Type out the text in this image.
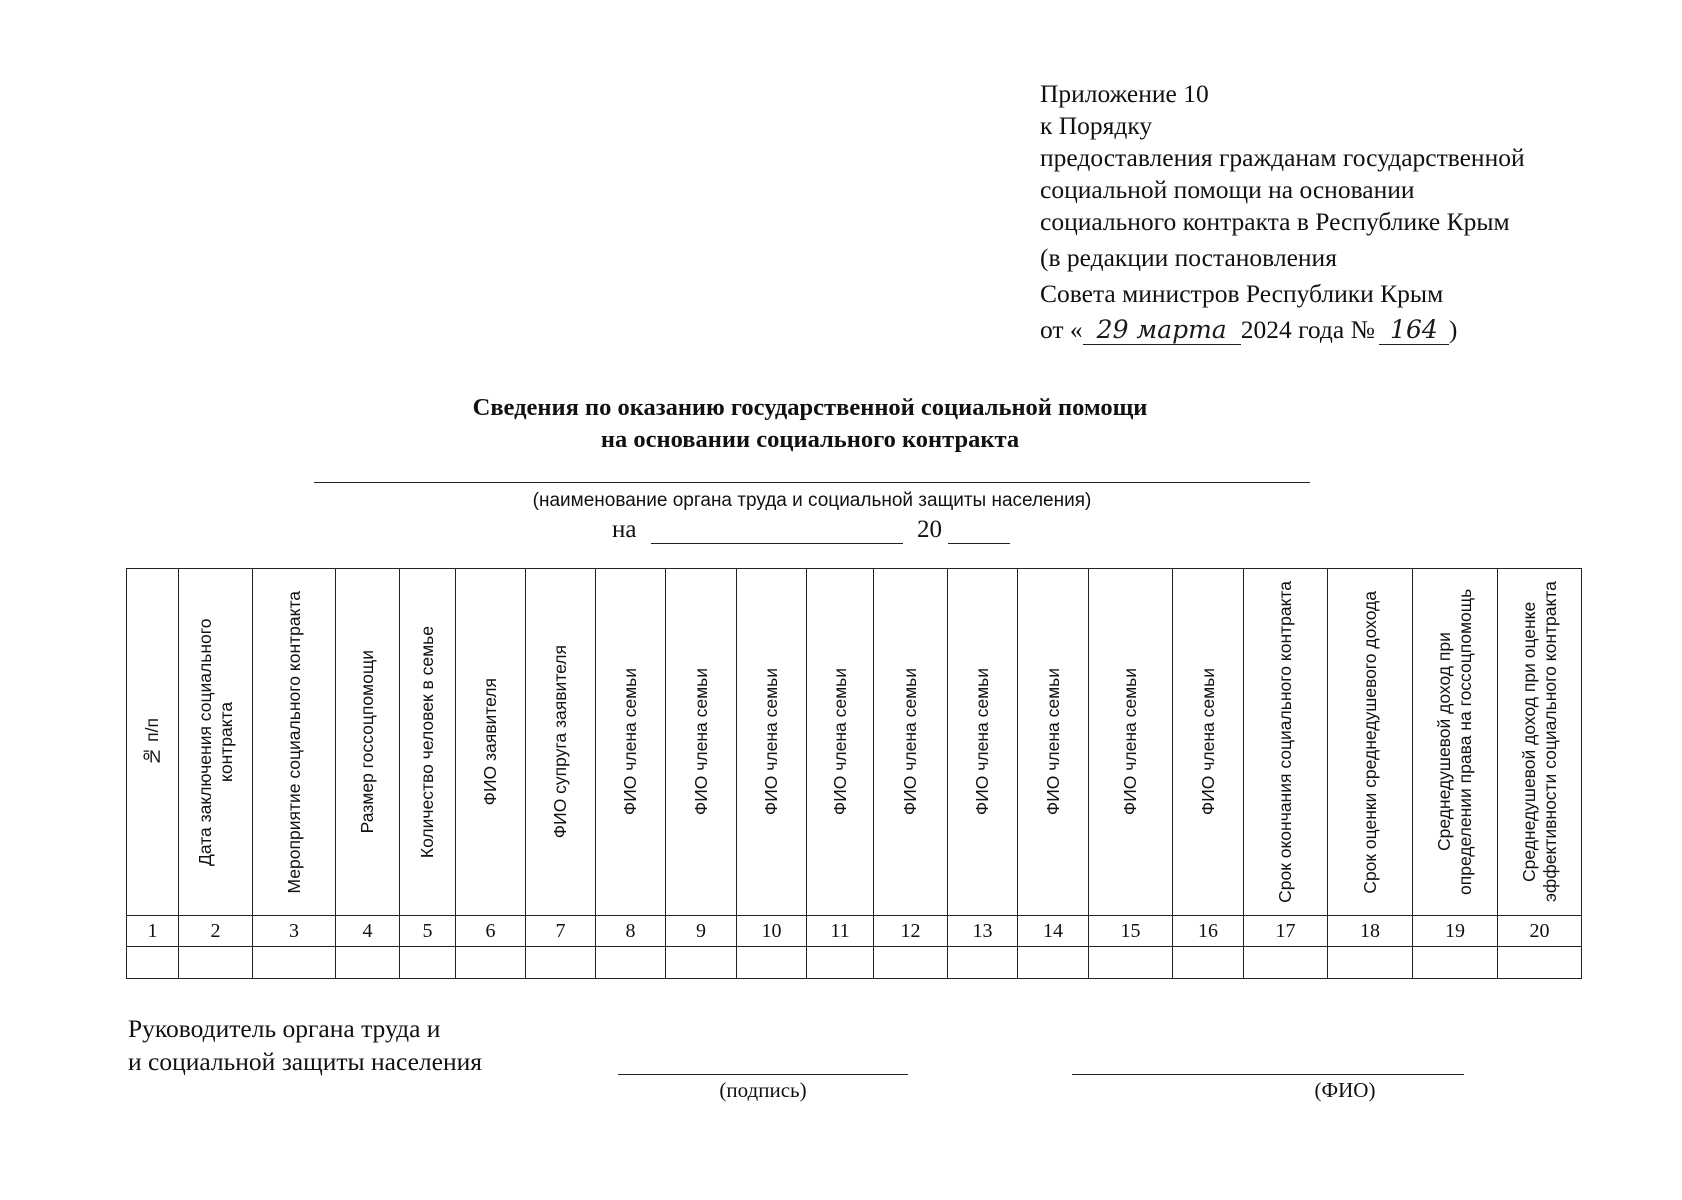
Приложение 10
к Порядку
предоставления гражданам государственной
социальной помощи на основании
социального контракта в Республике Крым
(в редакции постановления
Совета министров Республики Крым
от « 29 марта 2024 года № 164 )
Сведения по оказанию государственной социальной помощи
на основании социального контракта
(наименование органа труда и социальной защиты населения)
на	20
№ п/п	Дата заключения социального контракта	Мероприятие социального контракта	Размер госсоцпомощи	Количество человек в семье	ФИО заявителя	ФИО супруга заявителя	ФИО члена семьи	ФИО члена семьи	ФИО члена семьи	ФИО члена семьи	ФИО члена семьи	ФИО члена семьи	ФИО члена семьи	ФИО члена семьи	ФИО члена семьи	Срок окончания социального контракта	Срок оценки среднедушевого дохода	Среднедушевой доход при определении права на госсоцпомощь	Среднедушевой доход при оценке эффективности социального контракта

1	2	3	4	5	6	7	8	9	10	11	12	13	14	15	16	17	18	19	20

Руководитель органа труда и
и социальной защиты населения
(подпись)	(ФИО)
